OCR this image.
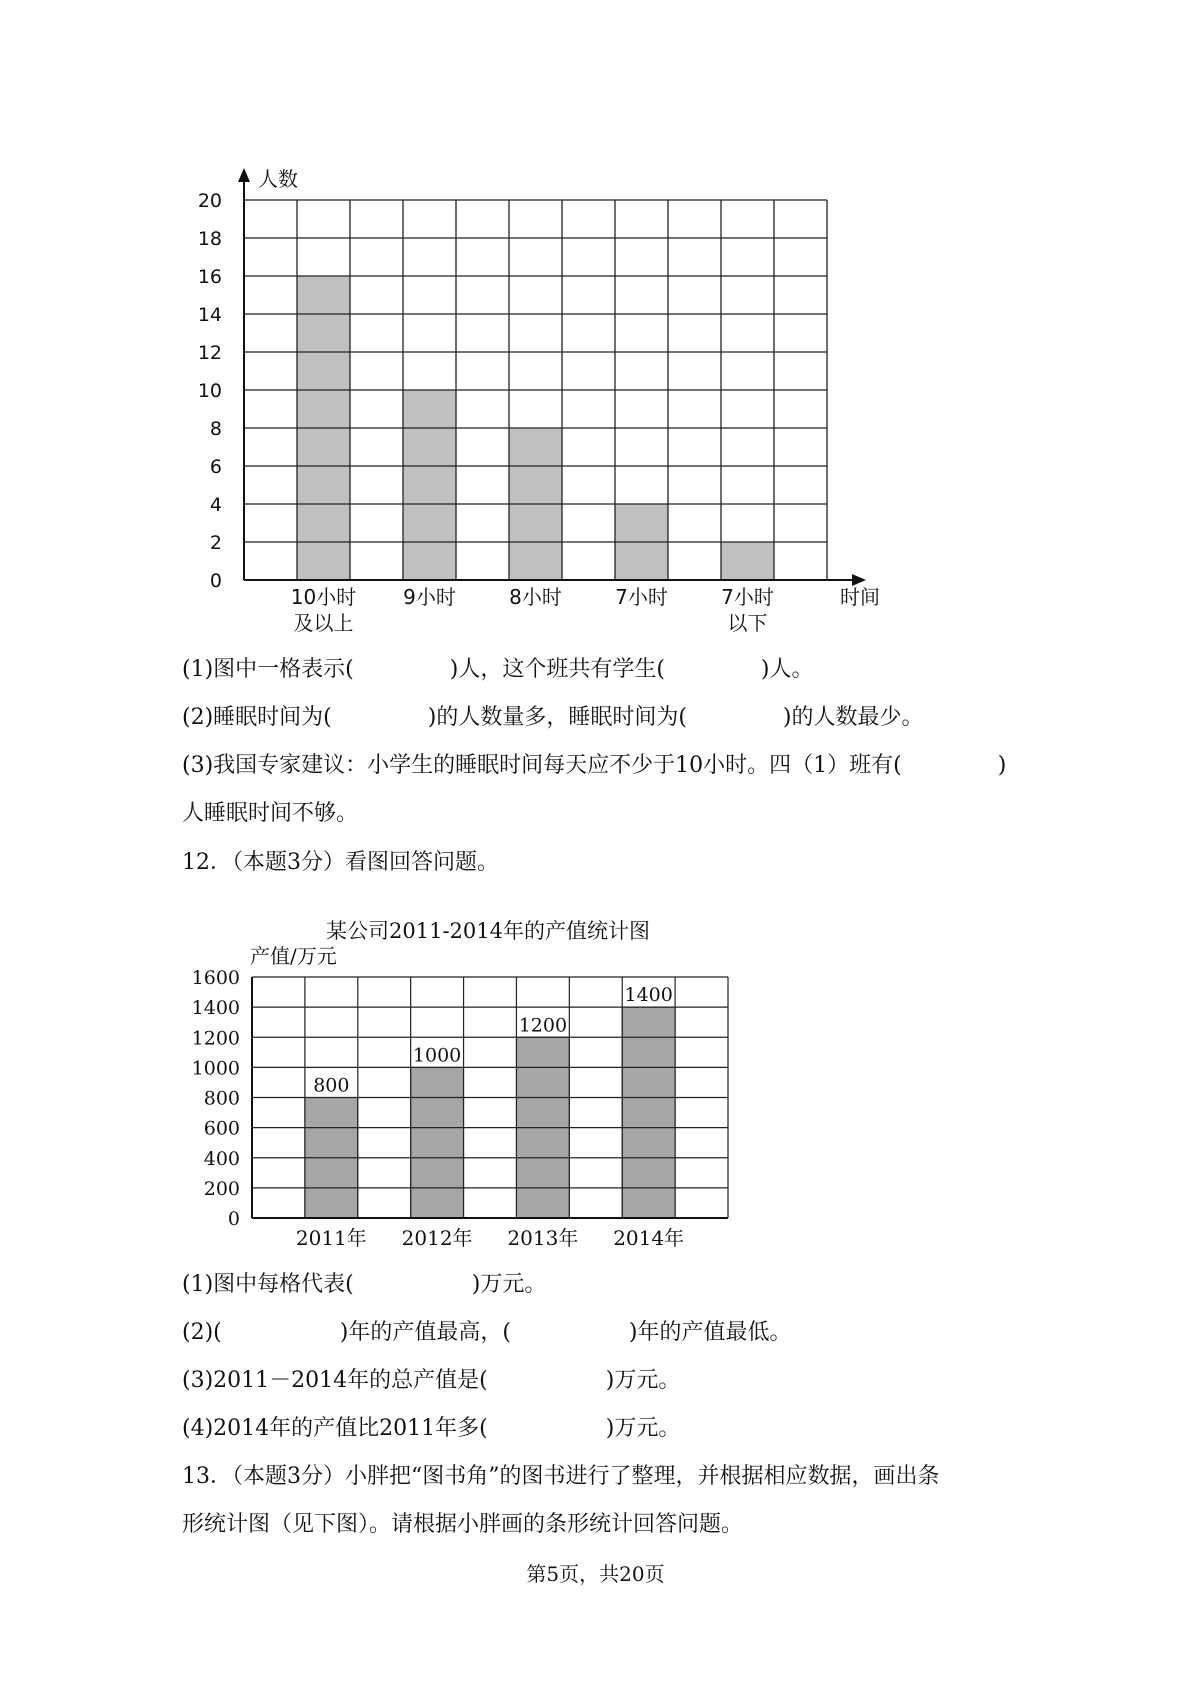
0
2
4
6
8
10
12
14
16
18
20
人数
时间
10小时
及以上
9小时	8小时	7小时	7小时
以下
0
200
400
600
800
1000
1200
1400
1600
800
1000
1200
1400
2011年 2012年 2013年 2014年
某公司2011-2014年的产值统计图
产值/万元
(1)图中一格表示(	)人，这个班共有学生(	)人。
(2)睡眠时间为(	)的人数量多，睡眠时间为(	)的人数最少。
(3)我国专家建议：小学生的睡眠时间每天应不少于10小时。四（1）班有(	)
人睡眠时间不够。
12．（本题3分）看图回答问题。
(1)图中每格代表(	)万元。
(2)(	)年的产值最高，(	)年的产值最低。
(3)2011－2014年的总产值是(	)万元。
(4)2014年的产值比2011年多(	)万元。
13．（本题3分）小胖把“图书角”的图书进行了整理，并根据相应数据，画出条
形统计图（见下图）。请根据小胖画的条形统计回答问题。
第5页，共20页
